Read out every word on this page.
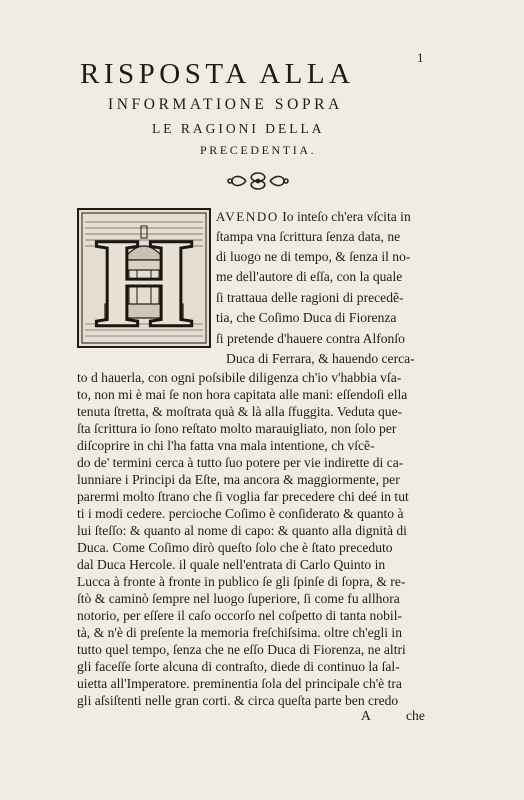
1
RISPOSTA ALLA
INFORMATIONE SOPRA
LE RAGIONI DELLA
PRECEDENTIA.
H AVENDO Io inteſo ch'era vſcita in
ſtampa vna ſcrittura ſenza data, ne
di luogo ne di tempo, & ſenza il no-
me dell'autore di eſſa, con la quale
ſi trattaua delle ragioni di precedẽ-
tia, che Coſimo Duca di Fiorenza
ſi pretende d'hauere contra Alfonſo
Duca di Ferrara, & hauendo cerca-
to d hauerla, con ogni poſsibile diligenza ch'io v'habbia vſa-
to, non mi è mai ſe non hora capitata alle mani: eſſendoſi ella
tenuta ſtretta, & moſtrata quà & là alla ſfuggita. Veduta que-
ſta ſcrittura io ſono reſtato molto marauigliato, non ſolo per
diſcoprire in chi l'ha fatta vna mala intentione, ch vſcẽ-
do de' termini cerca à tutto ſuo potere per vie indirette di ca-
lunniare i Principi da Eſte, ma ancora & maggiormente, per
parermi molto ſtrano che ſi voglia far precedere chi deé in tut
ti i modi cedere. percioche Coſimo è conſiderato & quanto à
lui ſteſſo: & quanto al nome di capo: & quanto alla dignità di
Duca. Come Coſimo dirò queſto ſolo che è ſtato preceduto
dal Duca Hercole. il quale nell'entrata di Carlo Quinto in
Lucca à fronte à fronte in publico ſe gli ſpinſe di ſopra, & re-
ſtò & caminò ſempre nel luogo ſuperiore, ſi come fu allhora
notorio, per eſſere il caſo occorſo nel coſpetto di tanta nobil-
tà, & n'è di preſente la memoria freſchiſsima. oltre ch'egli in
tutto quel tempo, ſenza che ne eſſo Duca di Fiorenza, ne altri
gli faceſſe ſorte alcuna di contraſto, diede di continuo la ſal-
uietta all'Imperatore. preminentia ſola del principale ch'è tra
gli aſsiſtenti nelle gran corti. & circa queſta parte ben credo
A	che
